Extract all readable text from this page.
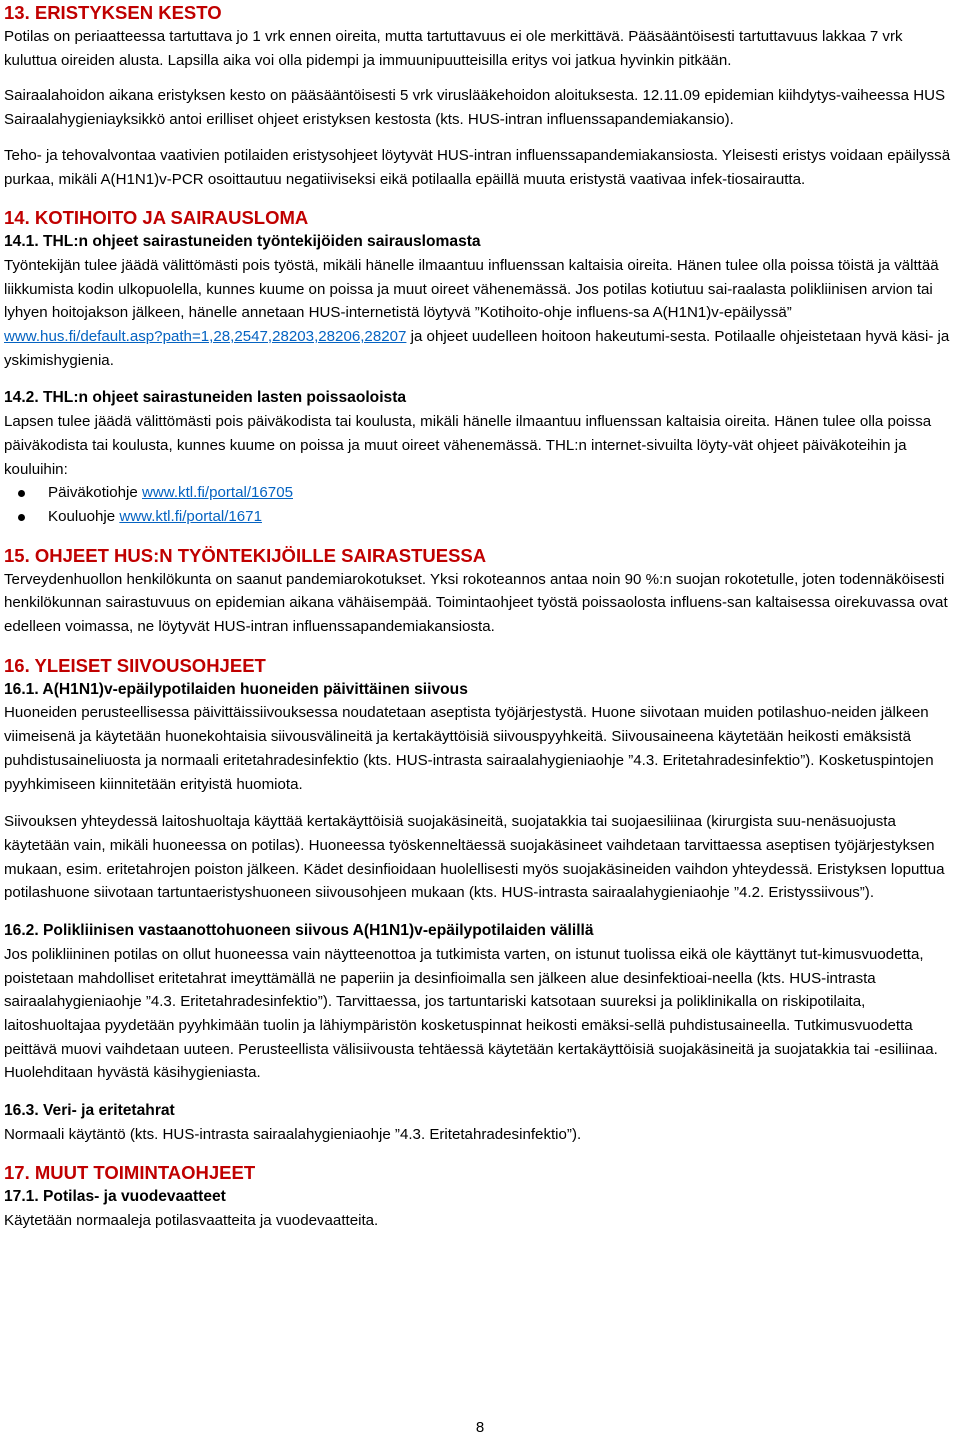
13. ERISTYKSEN KESTO

Potilas on periaatteessa tartuttava jo 1 vrk ennen oireita, mutta tartuttavuus ei ole merkittävä. Pääsääntöisesti tartuttavuus lakkaa 7 vrk kuluttua oireiden alusta. Lapsilla aika voi olla pidempi ja immuunipuutteisilla eritys voi jatkua hyvinkin pitkään.

Sairaalahoidon aikana eristyksen kesto on pääsääntöisesti 5 vrk viruslääkehoidon aloituksesta. 12.11.09 epidemian kiihdytys-vaiheessa HUS Sairaalahygieniayksikkö antoi erilliset ohjeet eristyksen kestosta (kts. HUS-intran influenssapandemiakansio).

Teho- ja tehovalvontaa vaativien potilaiden eristysohjeet löytyvät HUS-intran influenssapandemiakansiosta. Yleisesti eristys voidaan epäilyssä purkaa, mikäli A(H1N1)v-PCR osoittautuu negatiiviseksi eikä potilaalla epäillä muuta eristystä vaativaa infek-tiosairautta.

14. KOTIHOITO JA SAIRAUSLOMA
14.1. THL:n ohjeet sairastuneiden työntekijöiden sairauslomasta

Työntekijän tulee jäädä välittömästi pois työstä, mikäli hänelle ilmaantuu influenssan kaltaisia oireita. Hänen tulee olla poissa töistä ja välttää liikkumista kodin ulkopuolella, kunnes kuume on poissa ja muut oireet vähenemässä. Jos potilas kotiutuu sai-raalasta polikliinisen arvion tai lyhyen hoitojakson jälkeen, hänelle annetaan HUS-internetistä löytyvä ”Kotihoito-ohje influens-sa A(H1N1)v-epäilyssä” www.hus.fi/default.asp?path=1,28,2547,28203,28206,28207 ja ohjeet uudelleen hoitoon hakeutumi-sesta. Potilaalle ohjeistetaan hyvä käsi- ja yskimishygienia.

14.2. THL:n ohjeet sairastuneiden lasten poissaoloista

Lapsen tulee jäädä välittömästi pois päiväkodista tai koulusta, mikäli hänelle ilmaantuu influenssan kaltaisia oireita. Hänen tulee olla poissa päiväkodista tai koulusta, kunnes kuume on poissa ja muut oireet vähenemässä. THL:n internet-sivuilta löyty-vät ohjeet päiväkoteihin ja kouluihin:

Päiväkotiohje www.ktl.fi/portal/16705
Kouluohje www.ktl.fi/portal/1671
15. OHJEET HUS:N TYÖNTEKIJÖILLE SAIRASTUESSA

Terveydenhuollon henkilökunta on saanut pandemiarokotukset. Yksi rokoteannos antaa noin 90 %:n suojan rokotetulle, joten todennäköisesti henkilökunnan sairastuvuus on epidemian aikana vähäisempää. Toimintaohjeet työstä poissaolosta influens-san kaltaisessa oirekuvassa ovat edelleen voimassa, ne löytyvät HUS-intran influenssapandemiakansiosta.

16. YLEISET SIIVOUSOHJEET
16.1. A(H1N1)v-epäilypotilaiden huoneiden päivittäinen siivous

Huoneiden perusteellisessa päivittäissiivouksessa noudatetaan aseptista työjärjestystä. Huone siivotaan muiden potilashuo-neiden jälkeen viimeisenä ja käytetään huonekohtaisia siivousvälineitä ja kertakäyttöisiä siivouspyyhkeitä. Siivousaineena käytetään heikosti emäksistä puhdistusaineliuosta ja normaali eritetahradesinfektio (kts. HUS-intrasta sairaalahygieniaohje ”4.3. Eritetahradesinfektio”). Kosketuspintojen pyyhkimiseen kiinnitetään erityistä huomiota.

Siivouksen yhteydessä laitoshuoltaja käyttää kertakäyttöisiä suojakäsineitä, suojatakkia tai suojaesiliinaa (kirurgista suu-nenäsuojusta käytetään vain, mikäli huoneessa on potilas). Huoneessa työskenneltäessä suojakäsineet vaihdetaan tarvittaessa aseptisen työjärjestyksen mukaan, esim. eritetahrojen poiston jälkeen. Kädet desinfioidaan huolellisesti myös suojakäsineiden vaihdon yhteydessä. Eristyksen loputtua potilashuone siivotaan tartuntaeristyshuoneen siivousohjeen mukaan (kts. HUS-intrasta sairaalahygieniaohje ”4.2. Eristyssiivous”).

16.2. Polikliinisen vastaanottohuoneen siivous A(H1N1)v-epäilypotilaiden välillä

Jos polikliininen potilas on ollut huoneessa vain näytteenottoa ja tutkimista varten, on istunut tuolissa eikä ole käyttänyt tut-kimusvuodetta, poistetaan mahdolliset eritetahrat imeyttämällä ne paperiin ja desinfioimalla sen jälkeen alue desinfektioai-neella (kts. HUS-intrasta sairaalahygieniaohje ”4.3. Eritetahradesinfektio”). Tarvittaessa, jos tartuntariski katsotaan suureksi ja poliklinikalla on riskipotilaita, laitoshuoltajaa pyydetään pyyhkimään tuolin ja lähiympäristön kosketuspinnat heikosti emäksi-sellä puhdistusaineella. Tutkimusvuodetta peittävä muovi vaihdetaan uuteen. Perusteellista välisiivousta tehtäessä käytetään kertakäyttöisiä suojakäsineitä ja suojatakkia tai -esiliinaa. Huolehditaan hyvästä käsihygieniasta.

16.3. Veri- ja eritetahrat

Normaali käytäntö (kts. HUS-intrasta sairaalahygieniaohje ”4.3. Eritetahradesinfektio”).

17. MUUT TOIMINTAOHJEET
17.1. Potilas- ja vuodevaatteet

Käytetään normaaleja potilasvaatteita ja vuodevaatteita.

8
